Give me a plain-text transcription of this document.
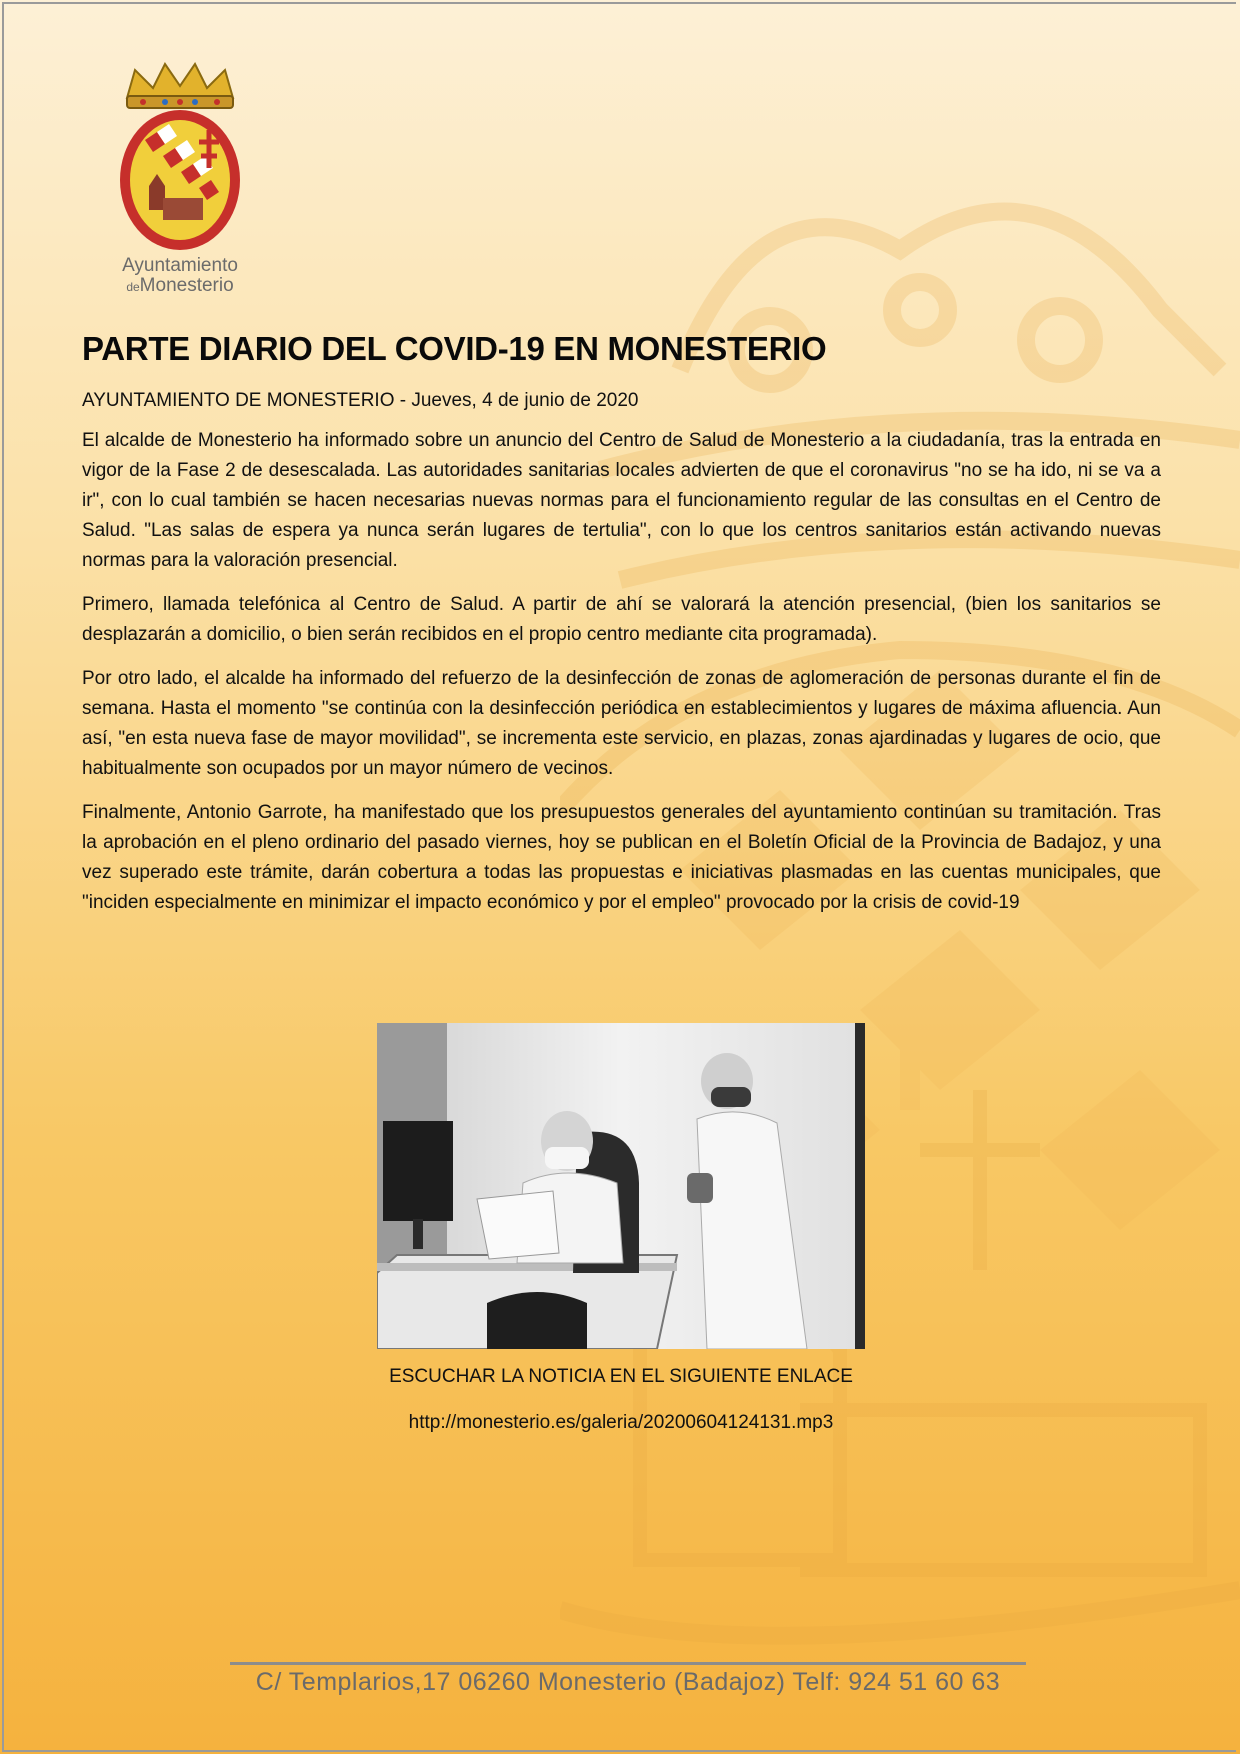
Ayuntamiento
deMonesterio
PARTE DIARIO DEL COVID-19 EN MONESTERIO
AYUNTAMIENTO DE MONESTERIO - Jueves, 4 de junio de 2020

El alcalde de Monesterio ha informado sobre un anuncio del Centro de Salud de Monesterio a la ciudadanía, tras la entrada en vigor de la Fase 2 de desescalada. Las autoridades sanitarias locales advierten de que el coronavirus "no se ha ido, ni se va a ir", con lo cual también se hacen necesarias nuevas normas para el funcionamiento regular de las consultas en el Centro de Salud. "Las salas de espera ya nunca serán lugares de tertulia", con lo que los centros sanitarios están activando nuevas normas para la valoración presencial.

Primero, llamada telefónica al Centro de Salud. A partir de ahí se valorará la atención presencial, (bien los sanitarios se desplazarán a domicilio, o bien serán recibidos en el propio centro mediante cita programada).

Por otro lado, el alcalde ha informado del refuerzo de la desinfección de zonas de aglomeración de personas durante el fin de semana. Hasta el momento "se continúa con la desinfección periódica en establecimientos y lugares de máxima afluencia. Aun así, "en esta nueva fase de mayor movilidad", se incrementa este servicio, en plazas, zonas ajardinadas y lugares de ocio, que habitualmente son ocupados por un mayor número de vecinos.

Finalmente, Antonio Garrote, ha manifestado que los presupuestos generales del ayuntamiento continúan su tramitación. Tras la aprobación en el pleno ordinario del pasado viernes, hoy se publican en el Boletín Oficial de la Provincia de Badajoz, y una vez superado este trámite, darán cobertura a todas las propuestas e iniciativas plasmadas en las cuentas municipales, que "inciden especialmente en minimizar el impacto económico y por el empleo" provocado por la crisis de covid-19

ESCUCHAR LA NOTICIA EN EL SIGUIENTE ENLACE
http://monesterio.es/galeria/20200604124131.mp3
C/ Templarios,17 06260 Monesterio (Badajoz) Telf: 924 51 60 63
